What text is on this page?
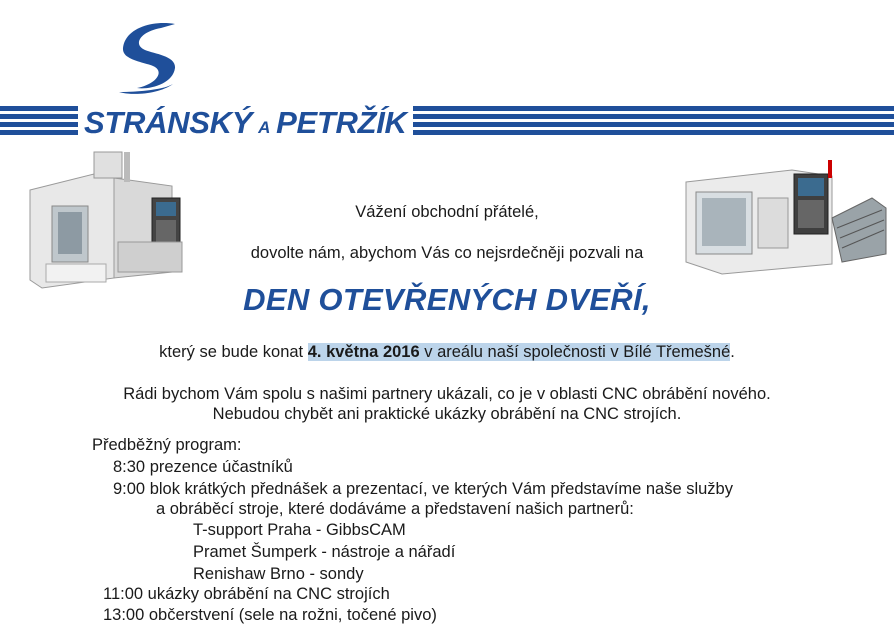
STRÁNSKÝ A PETRŽÍK
Vážení obchodní přátelé,
dovolte nám, abychom Vás co nejsrdečněji pozvali na
DEN OTEVŘENÝCH DVEŘÍ,
který se bude konat 4. května 2016 v areálu naší společnosti v Bílé Třemešné.
Rádi bychom Vám spolu s našimi partnery ukázali, co je v oblasti CNC obrábění nového.
Nebudou chybět ani praktické ukázky obrábění na CNC strojích.
Předběžný program:
8:30 prezence účastníků
9:00 blok krátkých přednášek a prezentací, ve kterých Vám představíme naše služby
a obráběcí stroje, které dodáváme a představení našich partnerů:
T-support Praha - GibbsCAM
Pramet Šumperk - nástroje a nářadí
Renishaw Brno - sondy
11:00 ukázky obrábění na CNC strojích
13:00 občerstvení (sele na rožni, točené pivo)
